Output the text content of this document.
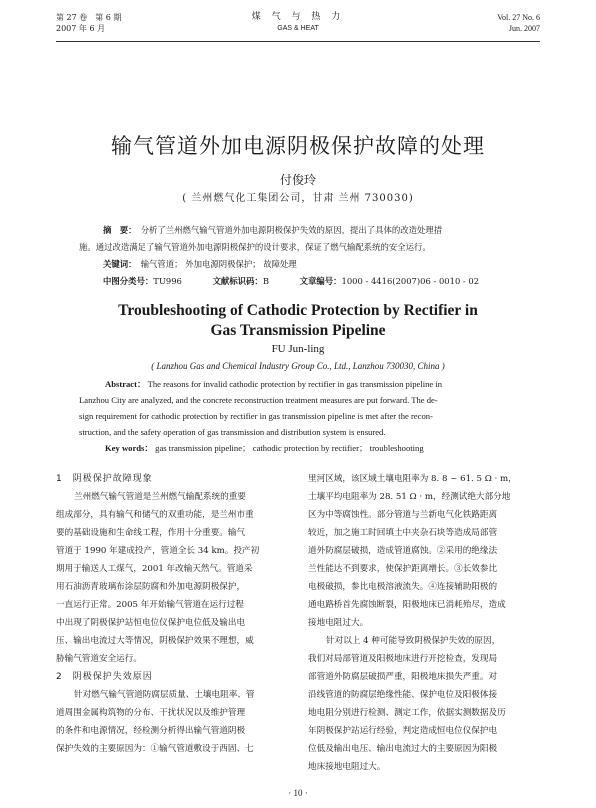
第 27 卷　第 6 期
2007 年 6 月
煤 气 与 热 力
GAS & HEAT
Vol. 27 No. 6
Jun. 2007
输气管道外加电源阴极保护故障的处理
付俊玲
( 兰州燃气化工集团公司，甘肃 兰州 730030)

摘　要：　 分析了兰州燃气输气管道外加电源阴极保护失效的原因，提出了具体的改造处理措

施。通过改造满足了输气管道外加电源阴极保护的设计要求，保证了燃气输配系统的安全运行。

关键词：　 输气管道； 外加电源阴极保护； 故障处理

中图分类号：TU996	文献标识码：B	文章编号：1000 - 4416(2007)06 - 0010 - 02

Troubleshooting of Cathodic Protection by Rectifier in
Gas Transmission Pipeline
FU Jun-ling
( Lanzhou Gas and Chemical Industry Group Co., Ltd., Lanzhou 730030, China )

Abstract： The reasons for invalid cathodic protection by rectifier in gas transmission pipeline in

Lanzhou City are analyzed, and the concrete reconstruction treatment measures are put forward. The de-

sign requirement for cathodic protection by rectifier in gas transmission pipeline is met after the recon-

struction, and the safety operation of gas transmission and distribution system is ensured.

Key words： gas transmission pipeline； cathodic protection by rectifier； troubleshooting

1　阴极保护故障现象

兰州燃气输气管道是兰州燃气输配系统的重要

组成部分，具有输气和储气的双重功能，是兰州市重

要的基础设施和生命线工程，作用十分重要。输气

管道于 1990 年建成投产，管道全长 34 km。投产初

期用于输送人工煤气，2001 年改输天然气。管道采

用石油沥青玻璃布涂层防腐和外加电源阴极保护，

一直运行正常。2005 年开始输气管道在运行过程

中出现了阴极保护站恒电位仪保护电位低及输出电

压、输出电流过大等情况，阴极保护效果不理想，威

胁输气管道安全运行。

2　阴极保护失效原因

针对燃气输气管道防腐层质量、土壤电阻率、管

道周围金属构筑物的分布、干扰状况以及维护管理

的条件和电源情况，经检测分析得出输气管道阴极

保护失效的主要原因为：①输气管道敷设于西固、七

里河区域，该区域土壤电阻率为 8. 8 ~ 61. 5 Ω · m，

土壤平均电阻率为 28. 51 Ω · m，经测试绝大部分地

区为中等腐蚀性。部分管道与兰新电气化铁路距离

较近，加之施工时回填土中夹杂石块等造成局部管

道外防腐层破损，造成管道腐蚀。②采用的绝缘法

兰性能达不到要求，使保护距离增长。③长效参比

电极破损，参比电极溶液流失。④连接辅助阳极的

通电路桥首先腐蚀断裂，阳极地床已消耗殆尽，造成

接地电阻过大。

针对以上 4 种可能导致阴极保护失效的原因，

我们对局部管道及阳极地床进行开挖检查，发现局

部管道外防腐层破损严重，阳极地床损失严重。对

沿线管道的防腐层绝缘性能、保护电位及阳极体接

地电阻分别进行检测、测定工作，依据实测数据及历

年阴极保护站运行经验，判定造成恒电位仪保护电

位低及输出电压、输出电流过大的主要原因为阳极

地床接地电阻过大。

· 10 ·
